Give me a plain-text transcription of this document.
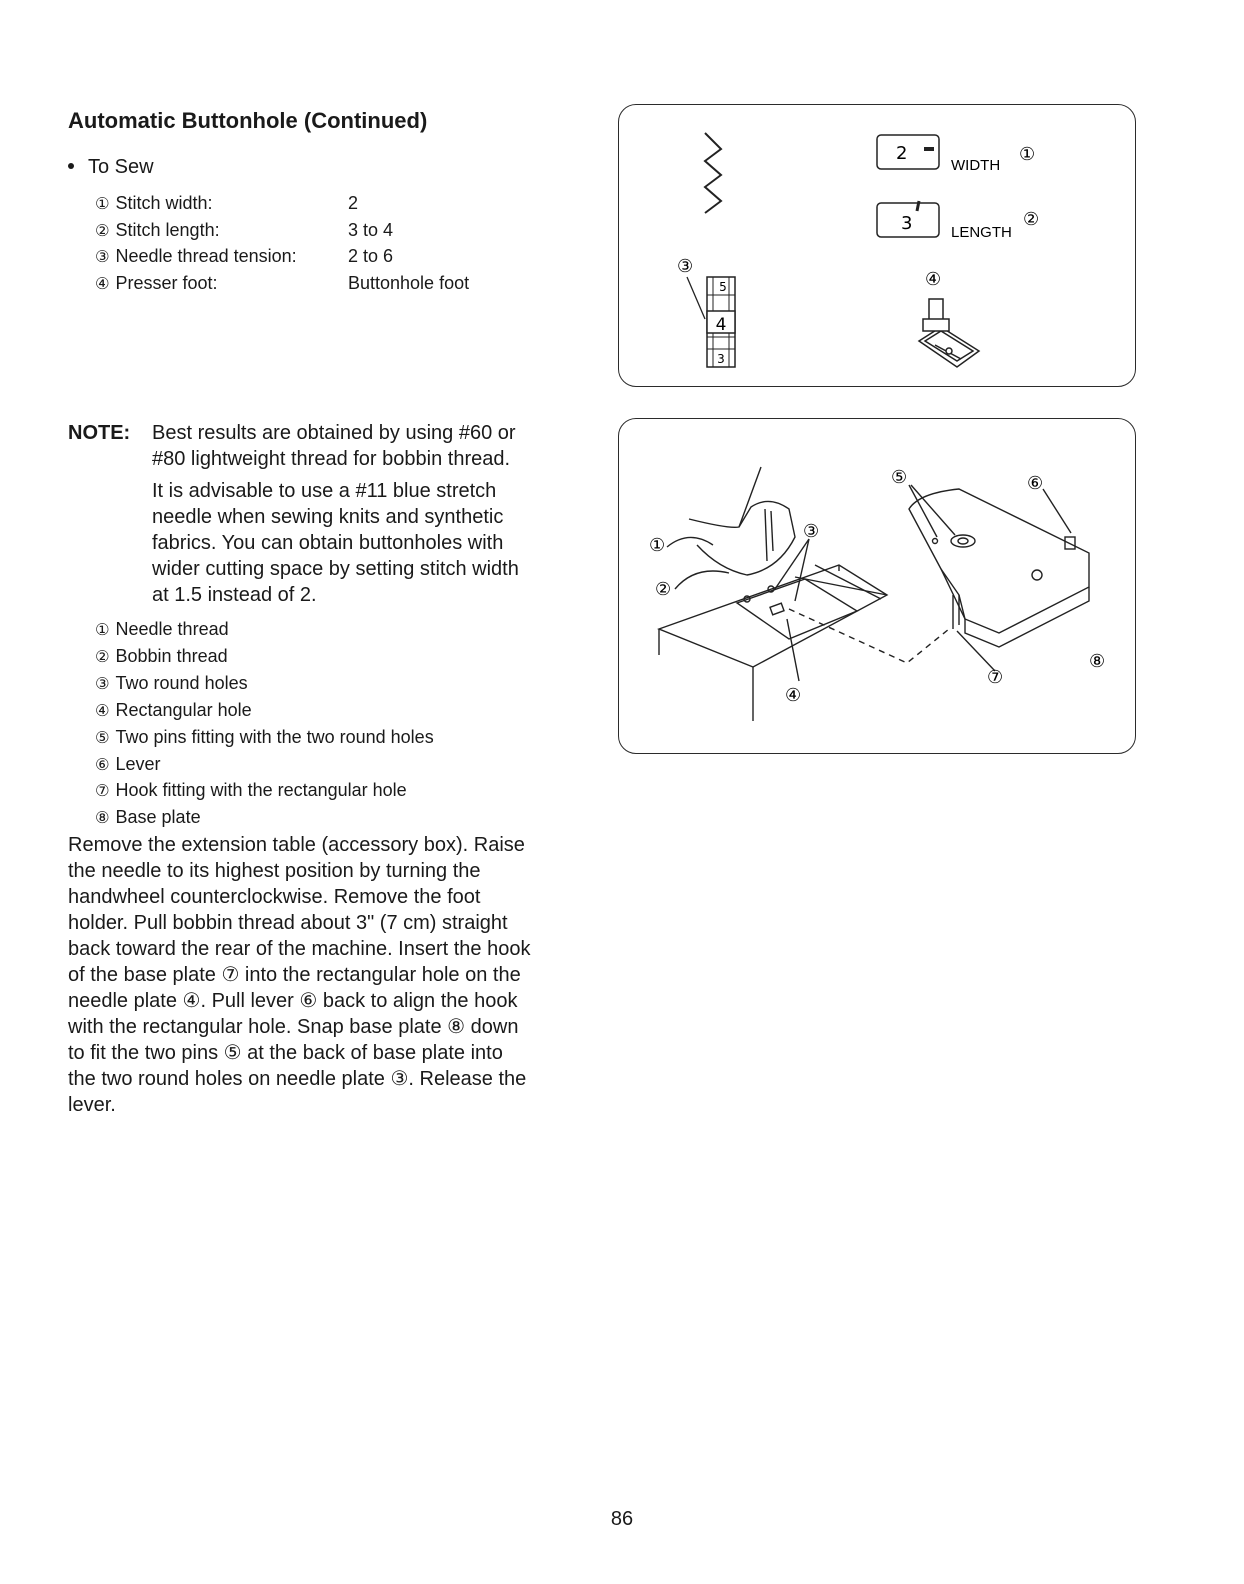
Automatic Buttonhole (Continued)
To Sew
① Stitch width:	2
② Stitch length:	3 to 4
③ Needle thread tension:	2 to 6
④ Presser foot:	Buttonhole foot
NOTE: Best results are obtained by using #60 or
#80 lightweight thread for bobbin thread.
It is advisable to use a #11 blue stretch
needle when sewing knits and synthetic
fabrics. You can obtain buttonholes with
wider cutting space by setting stitch width
at 1.5 instead of 2.
① Needle thread
② Bobbin thread
③ Two round holes
④ Rectangular hole
⑤ Two pins fitting with the two round holes
⑥ Lever
⑦ Hook fitting with the rectangular hole
⑧ Base plate
Remove the extension table (accessory box). Raise
the needle to its highest position by turning the
handwheel counterclockwise. Remove the foot
holder. Pull bobbin thread about 3" (7 cm) straight
back toward the rear of the machine. Insert the hook
of the base plate ⑦ into the rectangular hole on the
needle plate ④. Pull lever ⑥ back to align the hook
with the rectangular hole. Snap base plate ⑧ down
to fit the two pins ⑤ at the back of base plate into
the two round holes on needle plate ③. Release the
lever.
5
4
3
③
2
WIDTH
①
3	LENGTH
②
④
①
②
③
④
⑤	⑥
⑦
⑧
86
